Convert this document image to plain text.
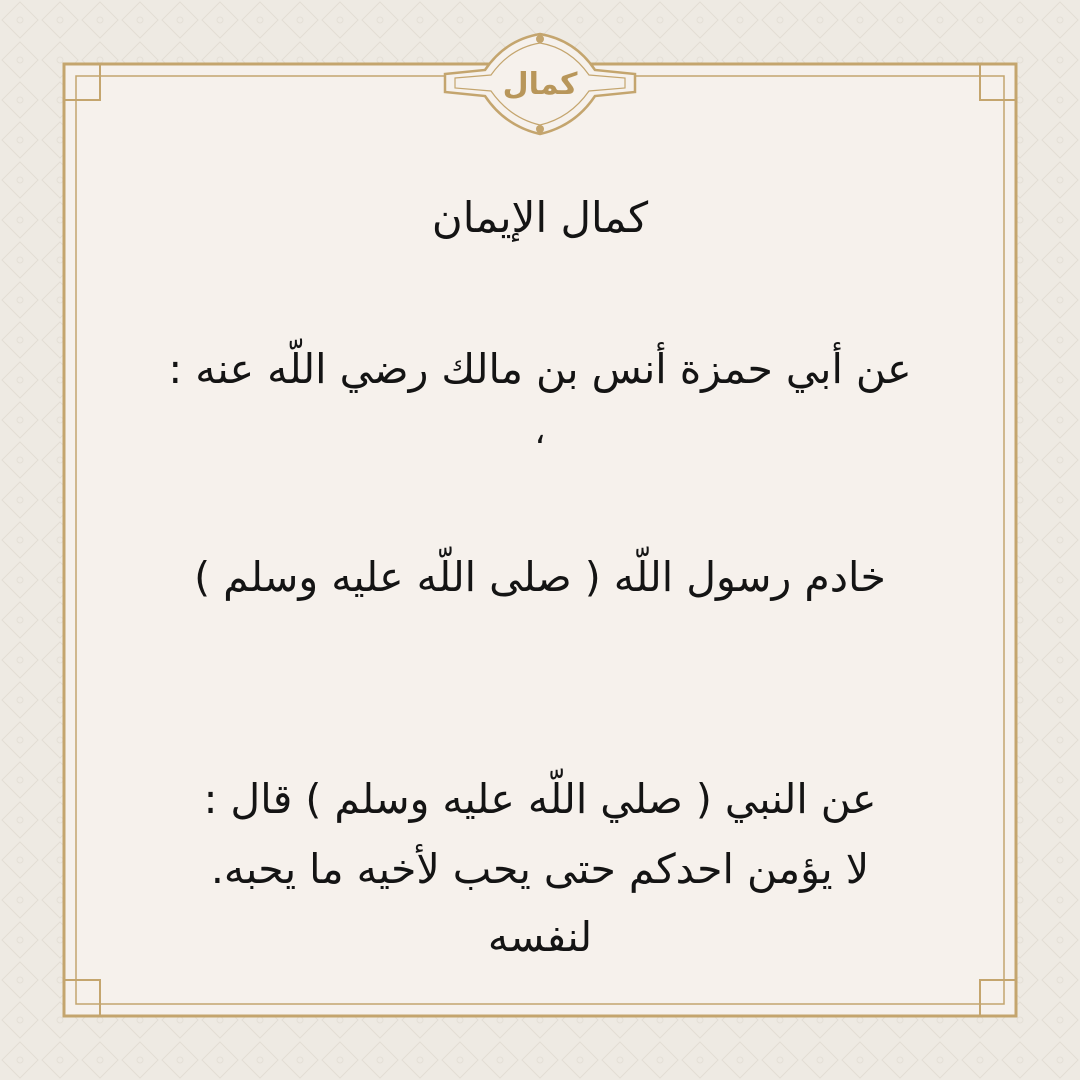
كمال
كمال الإيمان
عن أبي حمزة أنس بن مالك رضي اللّه عنه :
،
خادم رسول اللّه ( صلى اللّه عليه وسلم )
عن النبي ( صلي اللّه عليه وسلم ) قال :
لا يؤمن احدكم حتى يحب لأخيه ما يحبه.
لنفسه
